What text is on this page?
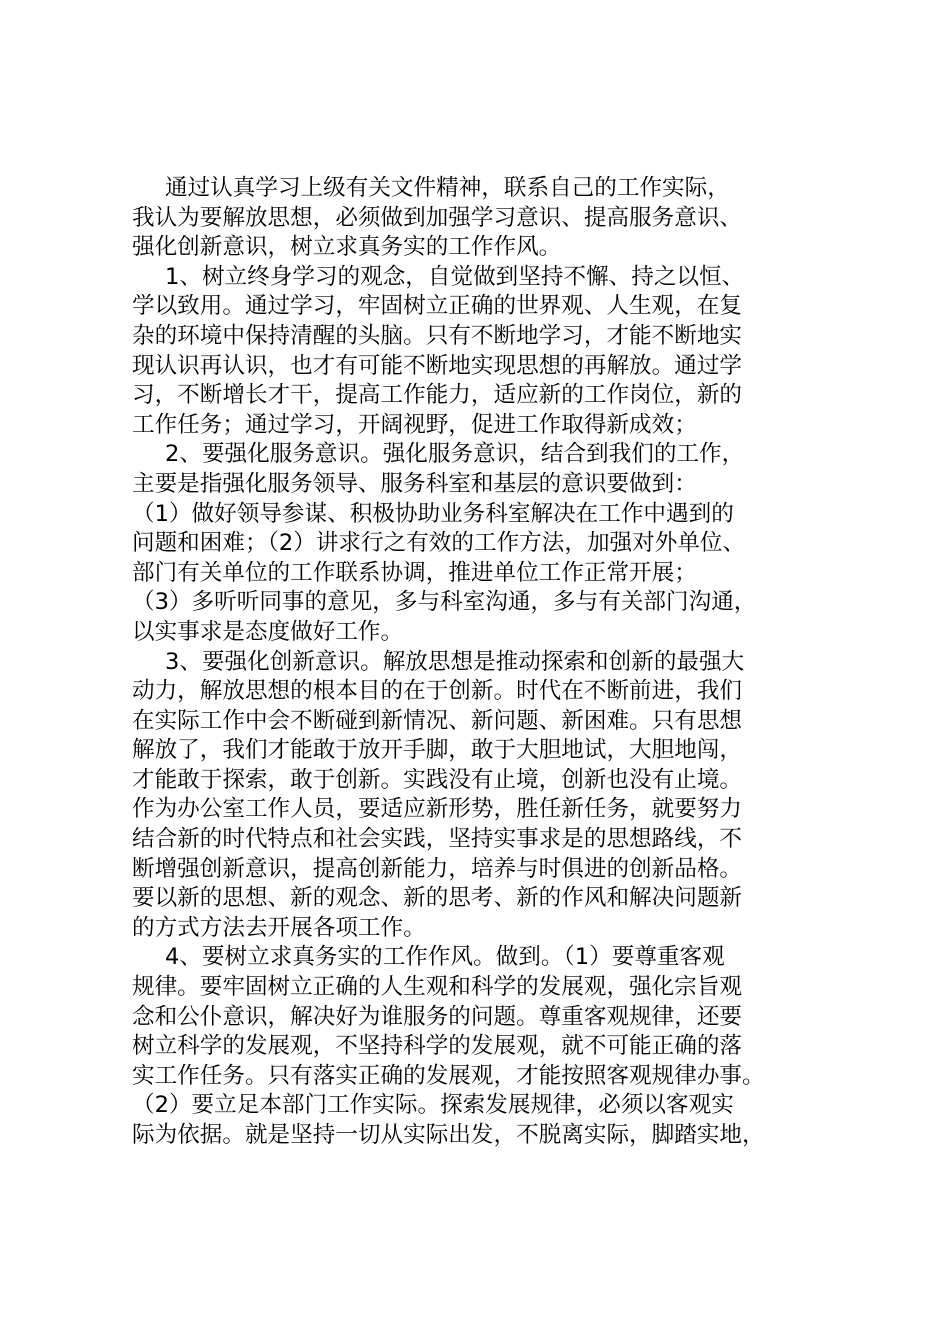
通过认真学习上级有关文件精神，联系自己的工作实际，
我认为要解放思想，必须做到加强学习意识、提高服务意识、
强化创新意识，树立求真务实的工作作风。
1、树立终身学习的观念，自觉做到坚持不懈、持之以恒、
学以致用。通过学习，牢固树立正确的世界观、人生观，在复
杂的环境中保持清醒的头脑。只有不断地学习，才能不断地实
现认识再认识，也才有可能不断地实现思想的再解放。通过学
习，不断增长才干，提高工作能力，适应新的工作岗位，新的
工作任务；通过学习，开阔视野，促进工作取得新成效；
2、要强化服务意识。强化服务意识，结合到我们的工作，
主要是指强化服务领导、服务科室和基层的意识要做到：
（1）做好领导参谋、积极协助业务科室解决在工作中遇到的
问题和困难；（2）讲求行之有效的工作方法，加强对外单位、
部门有关单位的工作联系协调，推进单位工作正常开展；
（3）多听听同事的意见，多与科室沟通，多与有关部门沟通，
以实事求是态度做好工作。
3、要强化创新意识。解放思想是推动探索和创新的最强大
动力，解放思想的根本目的在于创新。时代在不断前进，我们
在实际工作中会不断碰到新情况、新问题、新困难。只有思想
解放了，我们才能敢于放开手脚，敢于大胆地试，大胆地闯，
才能敢于探索，敢于创新。实践没有止境，创新也没有止境。
作为办公室工作人员，要适应新形势，胜任新任务，就要努力
结合新的时代特点和社会实践，坚持实事求是的思想路线，不
断增强创新意识，提高创新能力，培养与时俱进的创新品格。
要以新的思想、新的观念、新的思考、新的作风和解决问题新
的方式方法去开展各项工作。
4、要树立求真务实的工作作风。做到。（1）要尊重客观
规律。要牢固树立正确的人生观和科学的发展观，强化宗旨观
念和公仆意识，解决好为谁服务的问题。尊重客观规律，还要
树立科学的发展观，不坚持科学的发展观，就不可能正确的落
实工作任务。只有落实正确的发展观，才能按照客观规律办事。
（2）要立足本部门工作实际。探索发展规律，必须以客观实
际为依据。就是坚持一切从实际出发，不脱离实际，脚踏实地，
